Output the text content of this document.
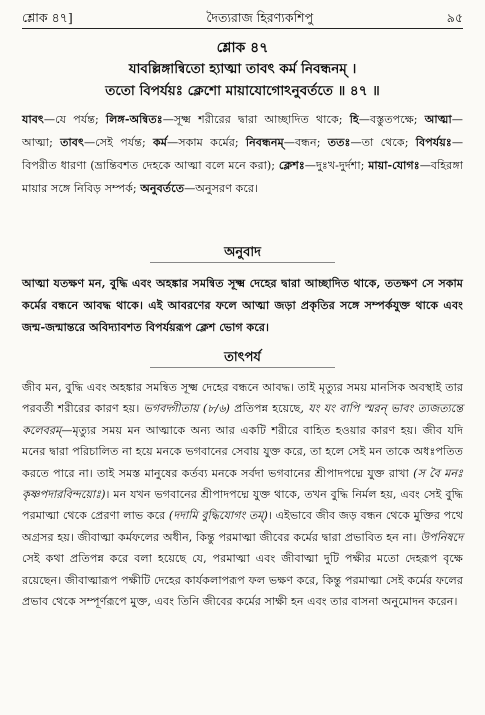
শ্লোক ৪৭]	দৈত্যরাজ হিরণ্যকশিপু	৯৫
শ্লোক ৪৭
যাবল্লিঙ্গান্বিতো হ্যাত্মা তাবৎ কর্ম নিবন্ধনম্ ।
ততো বিপর্যয়ঃ ক্লেশো মায়াযোগোঽনুবর্ততে ॥ ৪৭ ॥
যাবৎ—যে পর্যন্ত; লিঙ্গ-অন্বিতঃ—সূক্ষ্ম শরীরের দ্বারা আচ্ছাদিত থাকে; হি—বস্তুতপক্ষে; আত্মা—আত্মা; তাবৎ—সেই পর্যন্ত; কর্ম—সকাম কর্মের; নিবন্ধনম্—বন্ধন; ততঃ—তা থেকে; বিপর্যয়ঃ—বিপরীত ধারণা (ভ্রান্তিবশত দেহকে আত্মা বলে মনে করা); ক্লেশঃ—দুঃখ-দুর্দশা; মায়া-যোগঃ—বহিরঙ্গা মায়ার সঙ্গে নিবিড় সম্পর্ক; অনুবর্ততে—অনুসরণ করে।
অনুবাদ
আত্মা যতক্ষণ মন, বুদ্ধি এবং অহঙ্কার সমন্বিত সূক্ষ্ম দেহের দ্বারা আচ্ছাদিত থাকে, ততক্ষণ সে সকাম কর্মের বন্ধনে আবদ্ধ থাকে। এই আবরণের ফলে আত্মা জড়া প্রকৃতির সঙ্গে সম্পর্কযুক্ত থাকে এবং জন্ম-জন্মান্তরে অবিদ্যাবশত বিপর্যয়রূপ ক্লেশ ভোগ করে।
তাৎপর্য
জীব মন, বুদ্ধি এবং অহঙ্কার সমন্বিত সূক্ষ্ম দেহের বন্ধনে আবদ্ধ। তাই মৃত্যুর সময় মানসিক অবস্থাই তার পরবর্তী শরীরের কারণ হয়। ভগবদ্গীতায় (৮/৬) প্রতিপন্ন হয়েছে, যং যং বাপি স্মরন্ ভাবং ত্যজত্যন্তে কলেবরম্—মৃত্যুর সময় মন আত্মাকে অন্য আর একটি শরীরে বাহিত হওয়ার কারণ হয়। জীব যদি মনের দ্বারা পরিচালিত না হয়ে মনকে ভগবানের সেবায় যুক্ত করে, তা হলে সেই মন তাকে অধঃপতিত করতে পারে না। তাই সমস্ত মানুষের কর্তব্য মনকে সর্বদা ভগবানের শ্রীপাদপদ্মে যুক্ত রাখা (স বৈ মনঃ কৃষ্ণপদারবিন্দয়োঃ)। মন যখন ভগবানের শ্রীপাদপদ্মে যুক্ত থাকে, তখন বুদ্ধি নির্মল হয়, এবং সেই বুদ্ধি পরমাত্মা থেকে প্রেরণা লাভ করে (দদামি বুদ্ধিযোগং তম্)। এইভাবে জীব জড় বন্ধন থেকে মুক্তির পথে অগ্রসর হয়। জীবাত্মা কর্মফলের অধীন, কিন্তু পরমাত্মা জীবের কর্মের দ্বারা প্রভাবিত হন না। উপনিষদে সেই কথা প্রতিপন্ন করে বলা হয়েছে যে, পরমাত্মা এবং জীবাত্মা দুটি পক্ষীর মতো দেহরূপ বৃক্ষে রয়েছেন। জীবাত্মারূপ পক্ষীটি দেহের কার্যকলাপরূপ ফল ভক্ষণ করে, কিন্তু পরমাত্মা সেই কর্মের ফলের প্রভাব থেকে সম্পূর্ণরূপে মুক্ত, এবং তিনি জীবের কর্মের সাক্ষী হন এবং তার বাসনা অনুমোদন করেন।
